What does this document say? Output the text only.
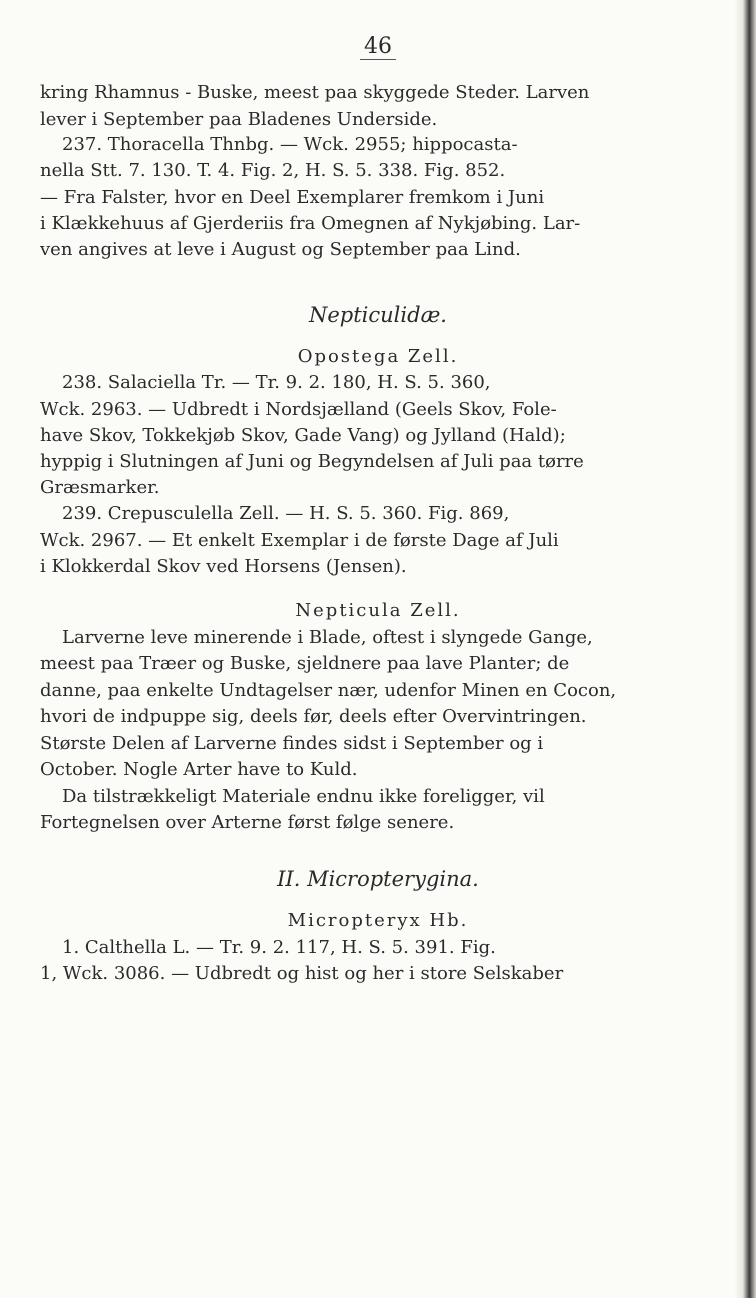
46
kring Rhamnus - Buske, meest paa skyggede Steder. Larven
lever i September paa Bladenes Underside.
237. Thoracella Thnbg. — Wck. 2955; hippocasta-
nella Stt. 7. 130. T. 4. Fig. 2, H. S. 5. 338. Fig. 852.
— Fra Falster, hvor en Deel Exemplarer fremkom i Juni
i Klækkehuus af Gjerderiis fra Omegnen af Nykjøbing. Lar-
ven angives at leve i August og September paa Lind.
Nepticulidæ.
Opostega Zell.
238. Salaciella Tr. — Tr. 9. 2. 180, H. S. 5. 360,
Wck. 2963. — Udbredt i Nordsjælland (Geels Skov, Fole-
have Skov, Tokkekjøb Skov, Gade Vang) og Jylland (Hald);
hyppig i Slutningen af Juni og Begyndelsen af Juli paa tørre
Græsmarker.
239. Crepusculella Zell. — H. S. 5. 360. Fig. 869,
Wck. 2967. — Et enkelt Exemplar i de første Dage af Juli
i Klokkerdal Skov ved Horsens (Jensen).
Nepticula Zell.
Larverne leve minerende i Blade, oftest i slyngede Gange,
meest paa Træer og Buske, sjeldnere paa lave Planter; de
danne, paa enkelte Undtagelser nær, udenfor Minen en Cocon,
hvori de indpuppe sig, deels før, deels efter Overvintringen.
Største Delen af Larverne findes sidst i September og i
October. Nogle Arter have to Kuld.
Da tilstrækkeligt Materiale endnu ikke foreligger, vil
Fortegnelsen over Arterne først følge senere.
II. Micropterygina.
Micropteryx Hb.
1. Calthella L. — Tr. 9. 2. 117, H. S. 5. 391. Fig.
1, Wck. 3086. — Udbredt og hist og her i store Selskaber
